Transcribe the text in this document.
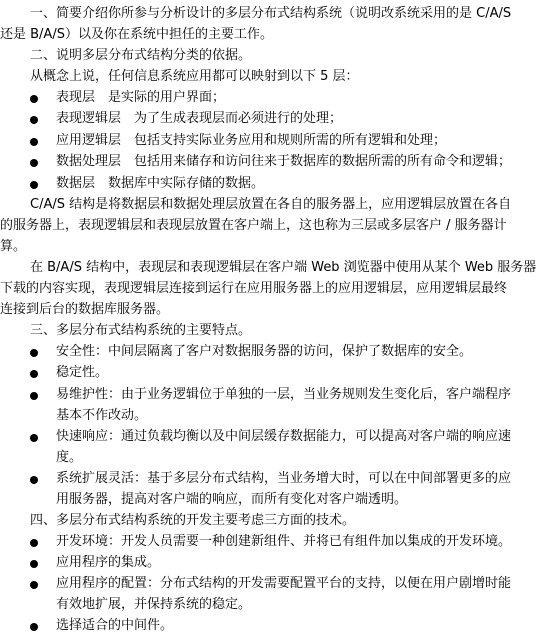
一、简要介绍你所参与分析设计的多层分布式结构系统（说明改系统采用的是 C/A/S
还是 B/A/S）以及你在系统中担任的主要工作。
二、说明多层分布式结构分类的依据。
从概念上说，任何信息系统应用都可以映射到以下 5 层：
表现层　是实际的用户界面；
表现逻辑层　为了生成表现层而必须进行的处理；
应用逻辑层　包括支持实际业务应用和规则所需的所有逻辑和处理；
数据处理层　包括用来储存和访问往来于数据库的数据所需的所有命令和逻辑；
数据层　数据库中实际存储的数据。
C/A/S 结构是将数据层和数据处理层放置在各自的服务器上，应用逻辑层放置在各自
的服务器上，表现逻辑层和表现层放置在客户端上，这也称为三层或多层客户 / 服务器计
算。
在 B/A/S 结构中，表现层和表现逻辑层在客户端 Web 浏览器中使用从某个 Web 服务器
下载的内容实现，表现逻辑层连接到运行在应用服务器上的应用逻辑层，应用逻辑层最终
连接到后台的数据库服务器。
三、多层分布式结构系统的主要特点。
安全性：中间层隔离了客户对数据服务器的访问，保护了数据库的安全。
稳定性。
易维护性：由于业务逻辑位于单独的一层，当业务规则发生变化后，客户端程序
基本不作改动。
快速响应：通过负载均衡以及中间层缓存数据能力，可以提高对客户端的响应速
度。
系统扩展灵活：基于多层分布式结构，当业务增大时，可以在中间部署更多的应
用服务器，提高对客户端的响应，而所有变化对客户端透明。
四、多层分布式结构系统的开发主要考虑三方面的技术。
开发环境：开发人员需要一种创建新组件、并将已有组件加以集成的开发环境。
应用程序的集成。
应用程序的配置：分布式结构的开发需要配置平台的支持，以便在用户剧增时能
有效地扩展，并保持系统的稳定。
选择适合的中间件。
